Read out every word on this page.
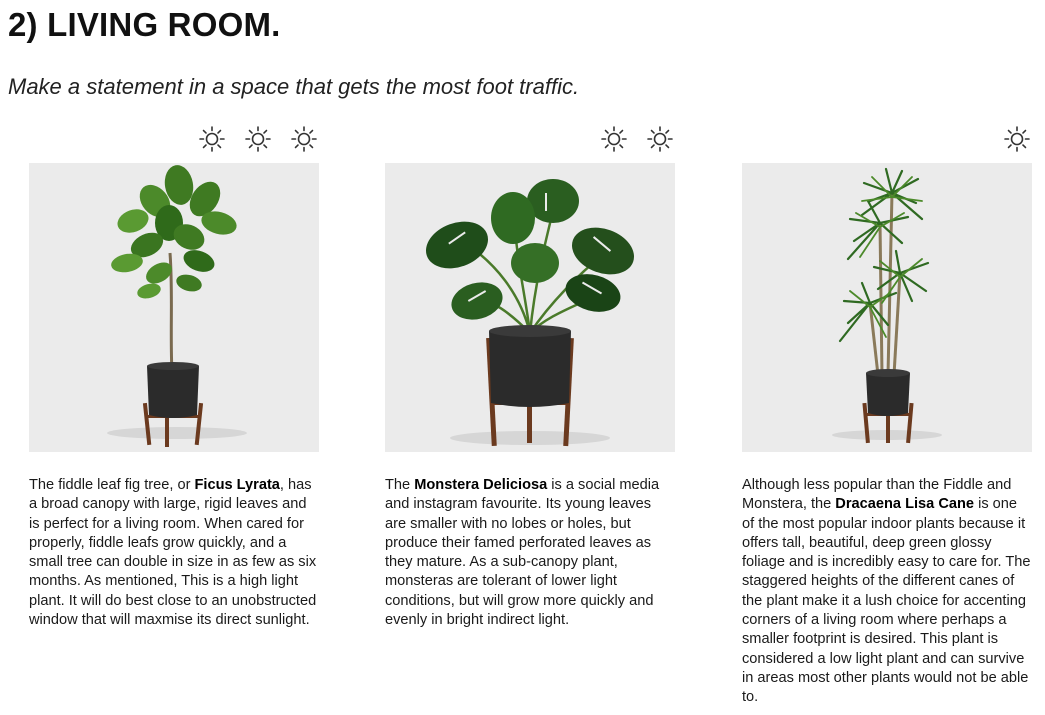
2) LIVING ROOM.

Make a statement in a space that gets the most foot traffic.

The fiddle leaf fig tree, or Ficus Lyrata, has a broad canopy with large, rigid leaves and is perfect for a living room. When cared for properly, fiddle leafs grow quickly, and a small tree can double in size in as few as six months. As mentioned, This is a high light plant. It will do best close to an unobstructed window that will maxmise its direct sunlight.
The Monstera Deliciosa is a social media and instagram favourite. Its young leaves are smaller with no lobes or holes, but produce their famed perforated leaves as they mature. As a sub-canopy plant, monsteras are tolerant of lower light conditions, but will grow more quickly and evenly in bright indirect light.
Although less popular than the Fiddle and Monstera, the Dracaena Lisa Cane is one of the most popular indoor plants because it offers tall, beautiful, deep green glossy foliage and is incredibly easy to care for. The staggered heights of the different canes of the plant make it a lush choice for accenting corners of a living room where perhaps a smaller footprint is desired. This plant is considered a low light plant and can survive in areas most other plants would not be able to.
